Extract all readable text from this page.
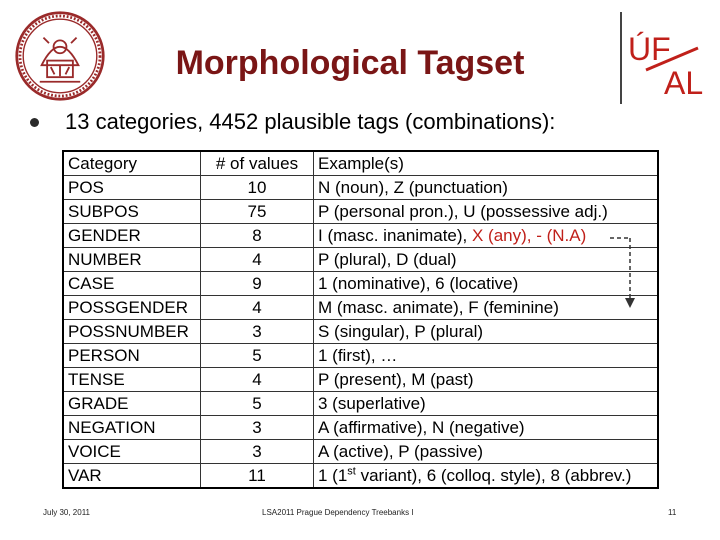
Morphological Tagset	ÚF
AL
13 categories, 4452 plausible tags (combinations):
Category	# of values	Example(s)
POS	10	N (noun), Z (punctuation)
SUBPOS	75	P (personal pron.), U (possessive adj.)
GENDER	8	I (masc. inanimate), X (any), - (N.A)
NUMBER	4	P (plural), D (dual)
CASE	9	1 (nominative), 6 (locative)
POSSGENDER	4	M (masc. animate), F (feminine)
POSSNUMBER	3	S (singular), P (plural)
PERSON	5	1 (first), …
TENSE	4	P (present), M (past)
GRADE	5	3 (superlative)
NEGATION	3	A (affirmative), N (negative)
VOICE	3	A (active), P (passive)
VAR	11	1 (1st variant), 6 (colloq. style), 8 (abbrev.)
July 30, 2011	LSA2011 Prague Dependency Treebanks I	11
